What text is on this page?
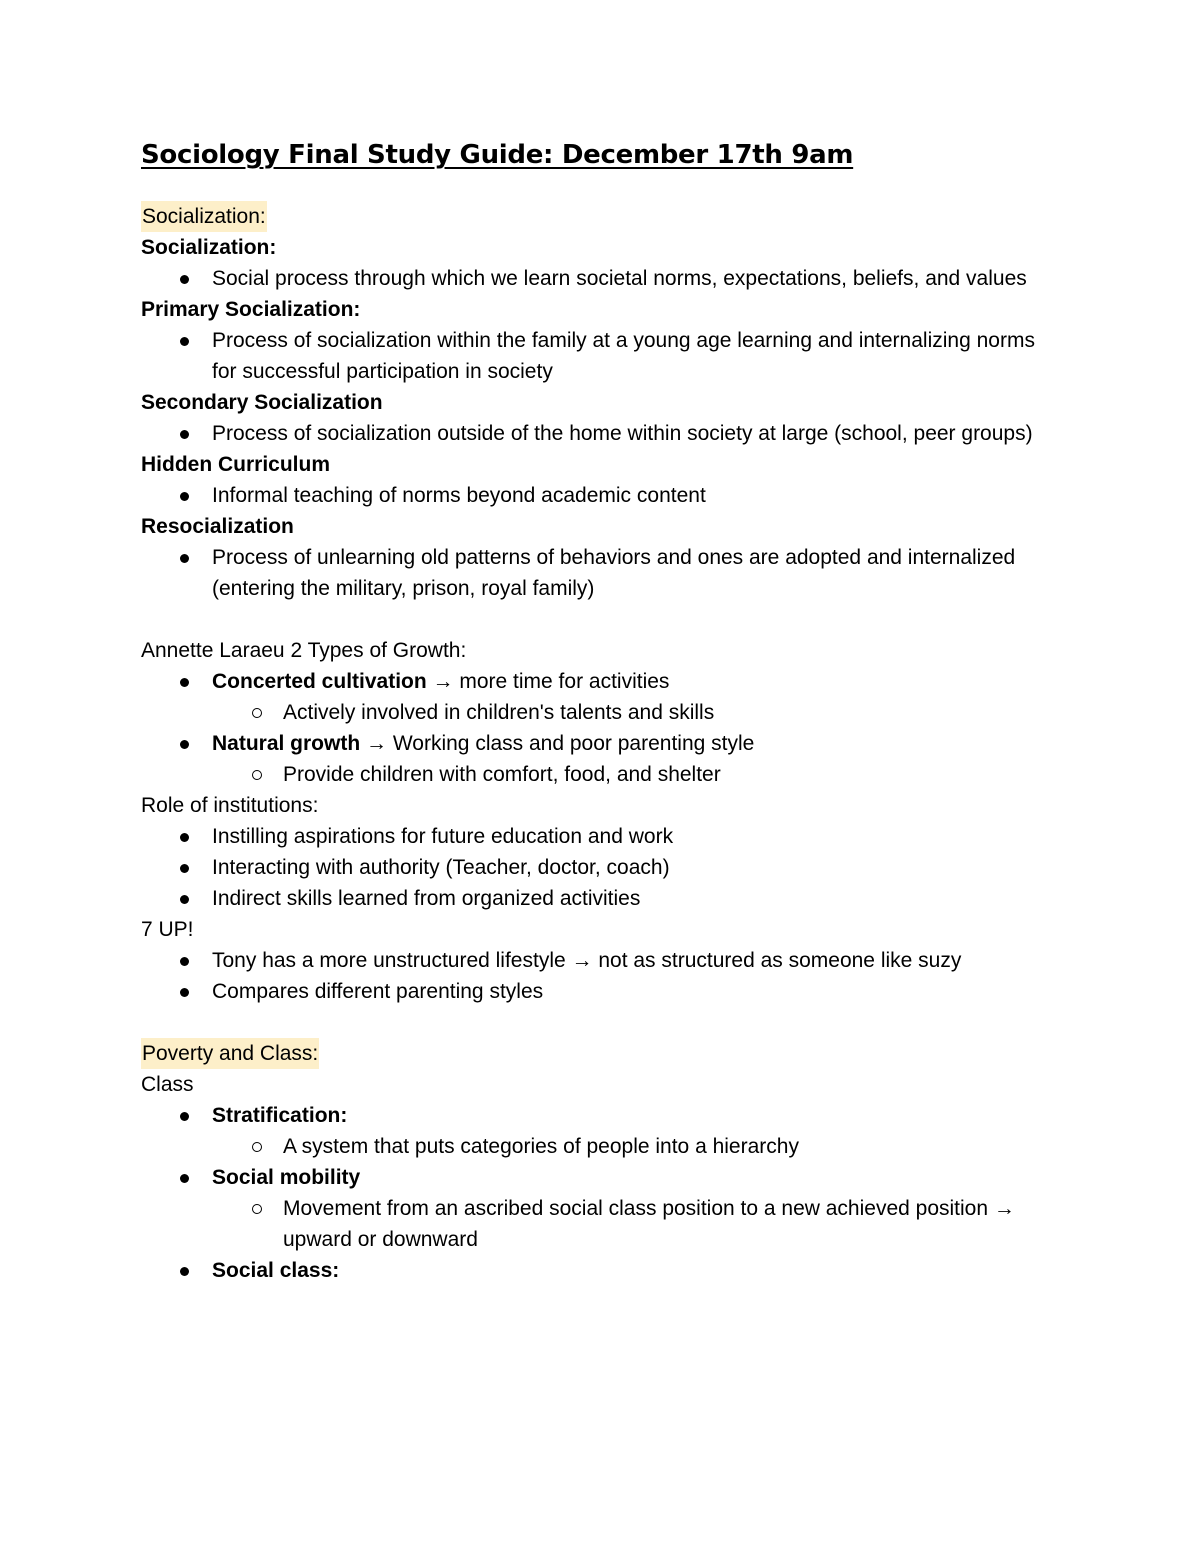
Sociology Final Study Guide: December 17th 9am
Socialization:
Socialization:
Social process through which we learn societal norms, expectations, beliefs, and values
Primary Socialization:
Process of socialization within the family at a young age learning and internalizing norms for successful participation in society
Secondary Socialization
Process of socialization outside of the home within society at large (school, peer groups)
Hidden Curriculum
Informal teaching of norms beyond academic content
Resocialization
Process of unlearning old patterns of behaviors and ones are adopted and internalized (entering the military, prison, royal family)
Annette Laraeu 2 Types of Growth:
Concerted cultivation → more time for activities
Actively involved in children's talents and skills
Natural growth → Working class and poor parenting style
Provide children with comfort, food, and shelter
Role of institutions:
Instilling aspirations for future education and work
Interacting with authority (Teacher, doctor, coach)
Indirect skills learned from organized activities
7 UP!
Tony has a more unstructured lifestyle → not as structured as someone like suzy
Compares different parenting styles
Poverty and Class:
Class
Stratification:
A system that puts categories of people into a hierarchy
Social mobility
Movement from an ascribed social class position to a new achieved position → upward or downward
Social class:
